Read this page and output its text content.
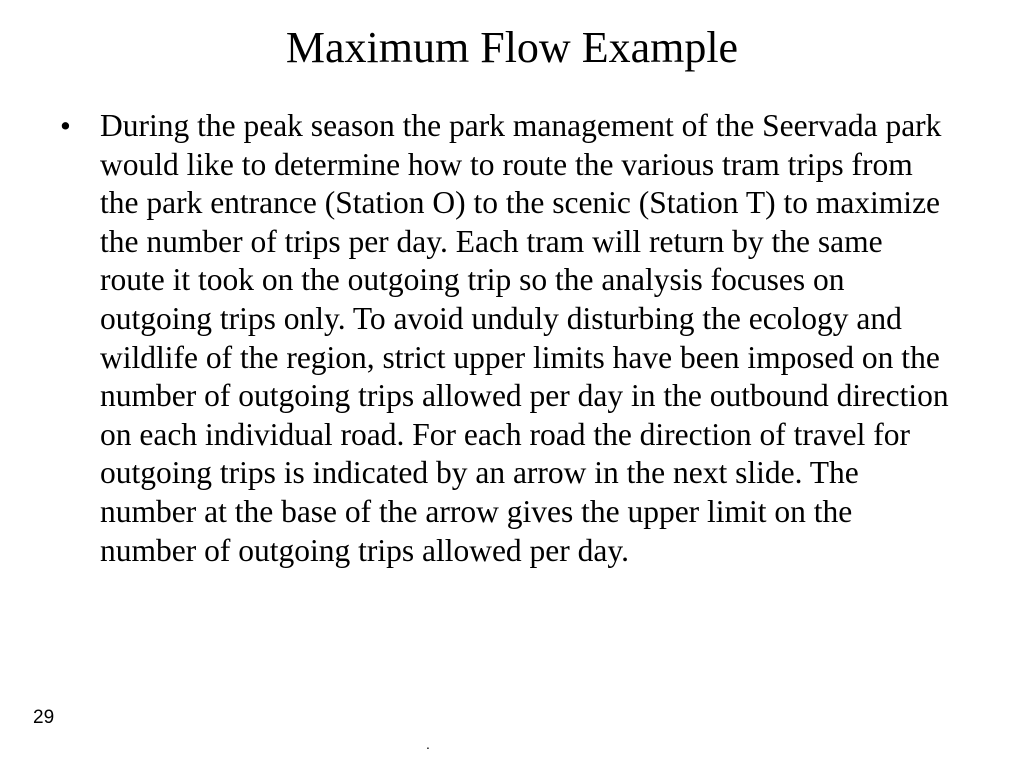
Maximum Flow Example
• During the peak season the park management of the Seervada park would like to determine how to route the various tram trips from the park entrance (Station O) to the scenic (Station T) to maximize the number of trips per day. Each tram will return by the same route it took on the outgoing trip so the analysis focuses on outgoing trips only. To avoid unduly disturbing the ecology and wildlife of the region, strict upper limits have been imposed on the number of outgoing trips allowed per day in the outbound direction on each individual road. For each road the direction of travel for outgoing trips is indicated by an arrow in the next slide. The number at the base of the arrow gives the upper limit on the number of outgoing trips allowed per day.
29
.
